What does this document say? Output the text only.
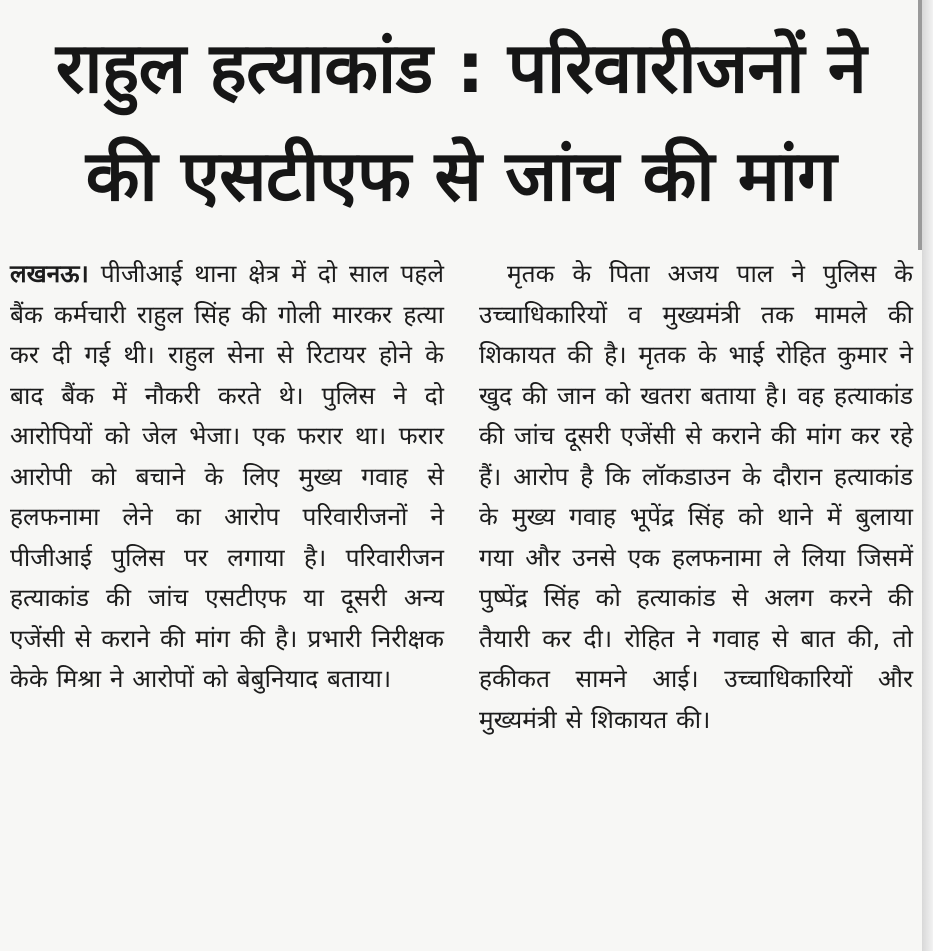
राहुल हत्याकांड : परिवारीजनों ने
की एसटीएफ से जांच की मांग

लखनऊ। पीजीआई थाना क्षेत्र में दो साल पहले बैंक कर्मचारी राहुल सिंह की गोली मारकर हत्या कर दी गई थी। राहुल सेना से रिटायर होने के बाद बैंक में नौकरी करते थे। पुलिस ने दो आरोपियों को जेल भेजा। एक फरार था। फरार आरोपी को बचाने के लिए मुख्य गवाह से हलफनामा लेने का आरोप परिवारीजनों ने पीजीआई पुलिस पर लगाया है। परिवारीजन हत्याकांड की जांच एसटीएफ या दूसरी अन्य एजेंसी से कराने की मांग की है। प्रभारी निरीक्षक केके मिश्रा ने आरोपों को बेबुनियाद बताया।

मृतक के पिता अजय पाल ने पुलिस के उच्चाधिकारियों व मुख्यमंत्री तक मामले की शिकायत की है। मृतक के भाई रोहित कुमार ने खुद की जान को खतरा बताया है। वह हत्याकांड की जांच दूसरी एजेंसी से कराने की मांग कर रहे हैं। आरोप है कि लॉकडाउन के दौरान हत्याकांड के मुख्य गवाह भूपेंद्र सिंह को थाने में बुलाया गया और उनसे एक हलफनामा ले लिया जिसमें पुष्पेंद्र सिंह को हत्याकांड से अलग करने की तैयारी कर दी। रोहित ने गवाह से बात की, तो हकीकत सामने आई। उच्चाधिकारियों और मुख्यमंत्री से शिकायत की।
